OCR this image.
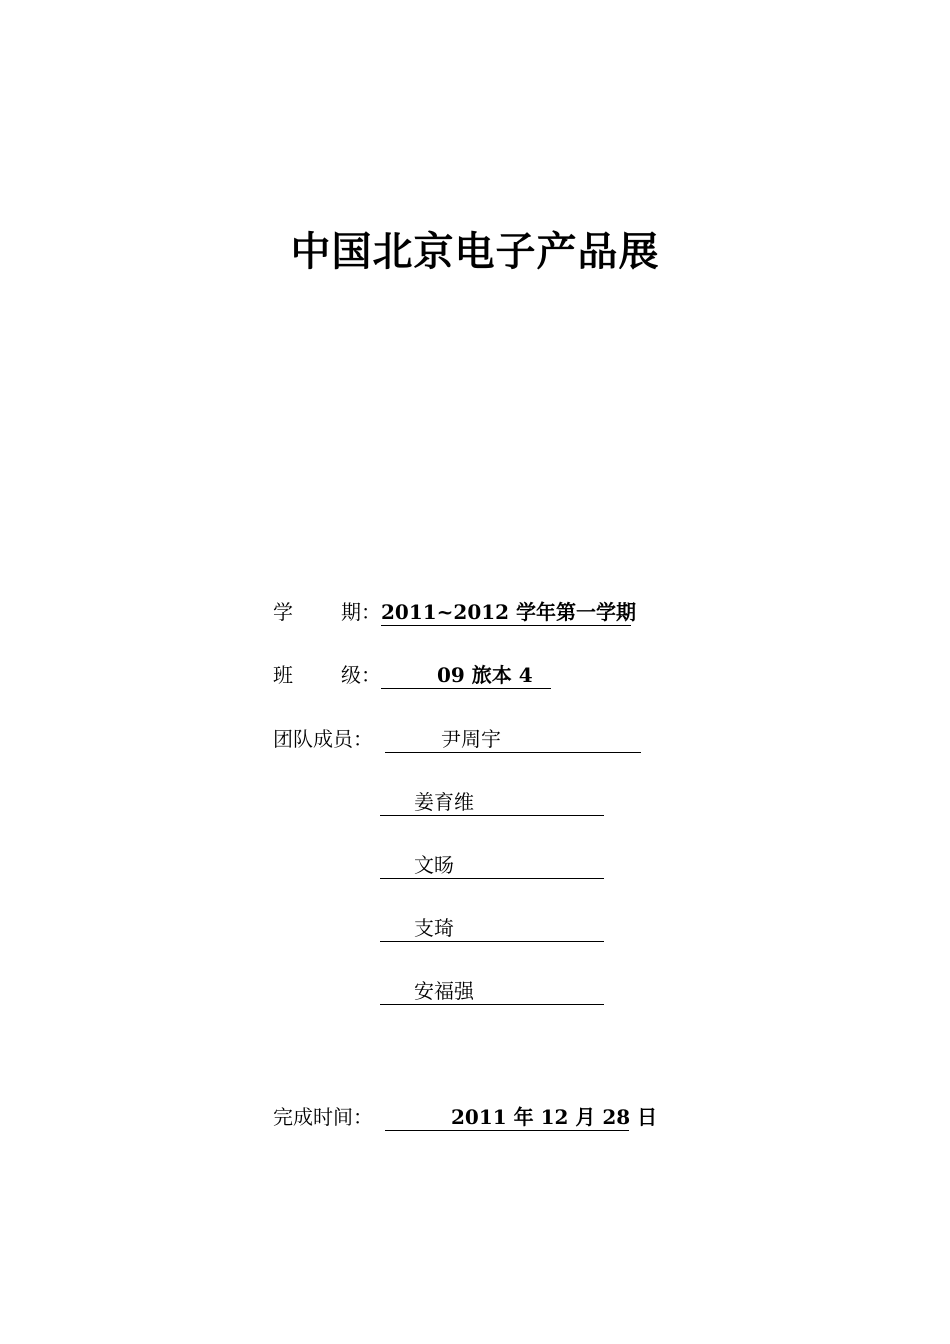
中国北京电子产品展
学 期： 2011~2012 学年第一学期
班 级：	09 旅本 4
团队成员：	尹周宇
姜育维
文旸
支琦
安福强
完成时间：	2011 年 12 月 28 日
